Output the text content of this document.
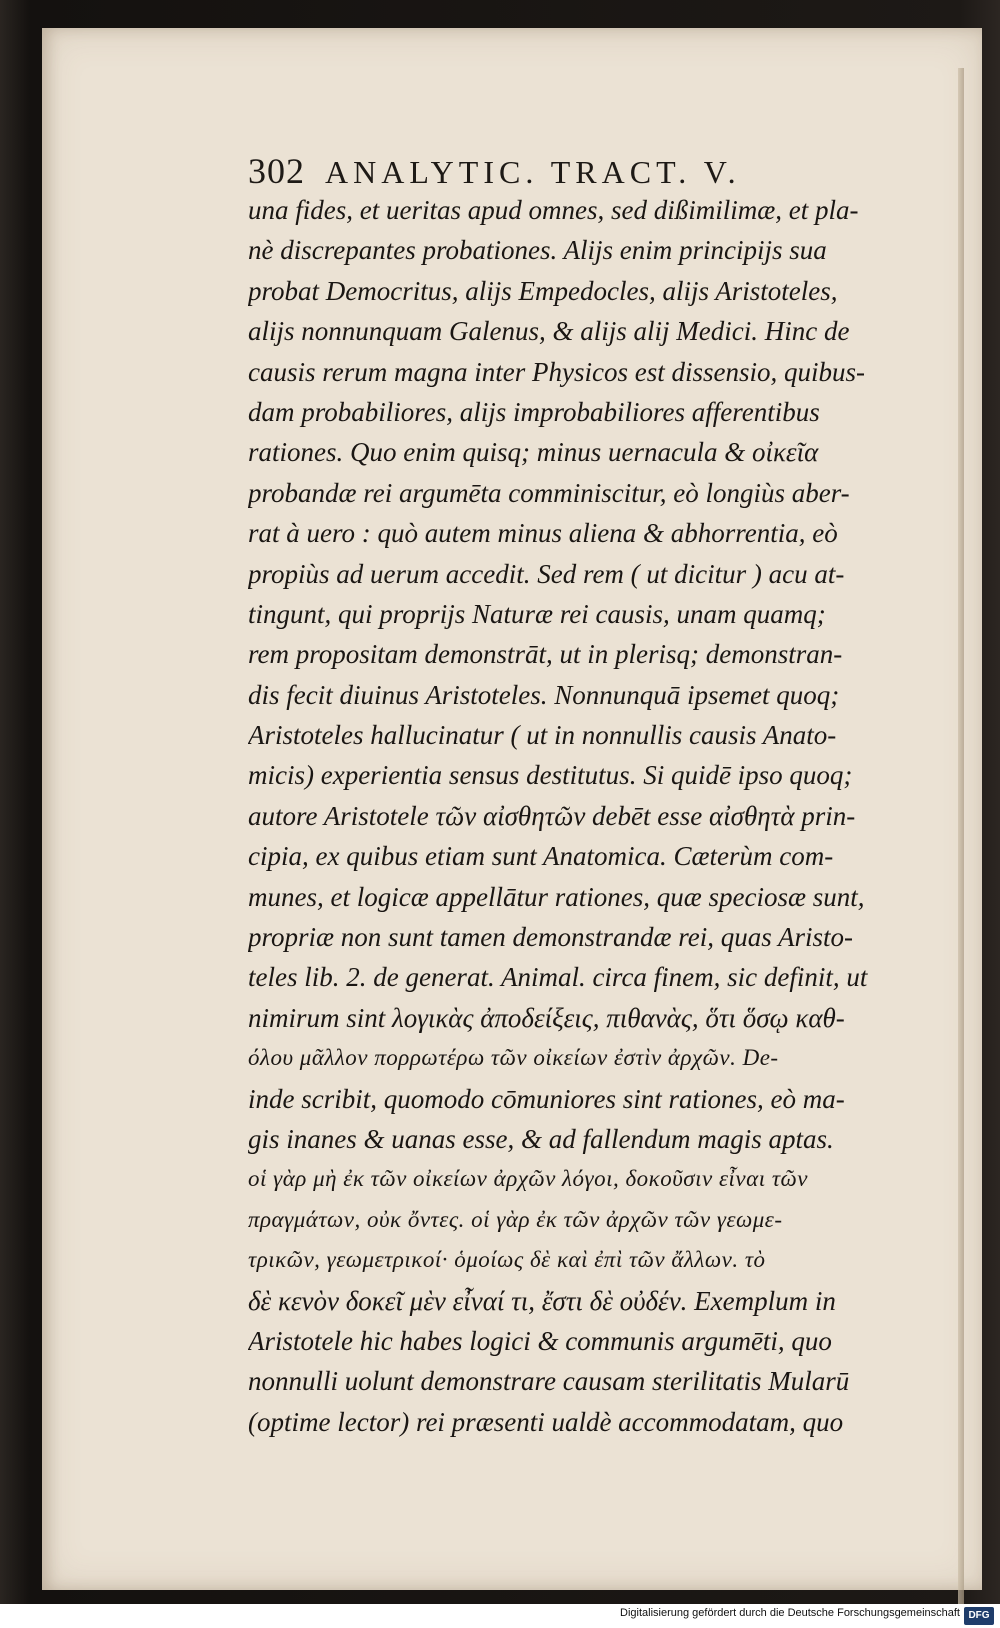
302 ANALYTIC. TRACT. V.
una fides, et ueritas apud omnes, sed dißimilimæ, et pla-
nè discrepantes probationes. Alijs enim principijs sua
probat Democritus, alijs Empedocles, alijs Aristoteles,
alijs nonnunquam Galenus, & alijs alij Medici. Hinc de
causis rerum magna inter Physicos est dissensio, quibus-
dam probabiliores, alijs improbabiliores afferentibus
rationes. Quo enim quisq; minus uernacula & οἰκεῖα
probandæ rei argumēta comminiscitur, eò longiùs aber-
rat à uero : quò autem minus aliena & abhorrentia, eò
propiùs ad uerum accedit. Sed rem ( ut dicitur ) acu at-
tingunt, qui proprijs Naturæ rei causis, unam quamq;
rem propositam demonstrāt, ut in plerisq; demonstran-
dis fecit diuinus Aristoteles. Nonnunquā ipsemet quoq;
Aristoteles hallucinatur ( ut in nonnullis causis Anato-
micis) experientia sensus destitutus. Si quidē ipso quoq;
autore Aristotele τῶν αἰσθητῶν debēt esse αἰσθητὰ prin-
cipia, ex quibus etiam sunt Anatomica. Cæterùm com-
munes, et logicæ appellātur rationes, quæ speciosæ sunt,
propriæ non sunt tamen demonstrandæ rei, quas Aristo-
teles lib. 2. de generat. Animal. circa finem, sic definit, ut
nimirum sint λογικὰς ἀποδείξεις, πιθανὰς, ὅτι ὅσῳ καθ-
όλου μᾶλλον πορρωτέρω τῶν οἰκείων ἐστὶν ἀρχῶν. De-
inde scribit, quomodo cōmuniores sint rationes, eò ma-
gis inanes & uanas esse, & ad fallendum magis aptas.
οἱ γὰρ μὴ ἐκ τῶν οἰκείων ἀρχῶν λόγοι, δοκοῦσιν εἶναι τῶν
πραγμάτων, οὐκ ὄντες. οἱ γὰρ ἐκ τῶν ἀρχῶν τῶν γεωμε-
τρικῶν, γεωμετρικοί· ὁμοίως δὲ καὶ ἐπὶ τῶν ἄλλων. τὸ
δὲ κενὸν δοκεῖ μὲν εἶναί τι, ἔστι δὲ οὐδέν. Exemplum in
Aristotele hic habes logici & communis argumēti, quo
nonnulli uolunt demonstrare causam sterilitatis Mularū
(optime lector) rei præsenti ualdè accommodatam, quo
Digitalisierung gefördert durch die Deutsche Forschungsgemeinschaft DFG
